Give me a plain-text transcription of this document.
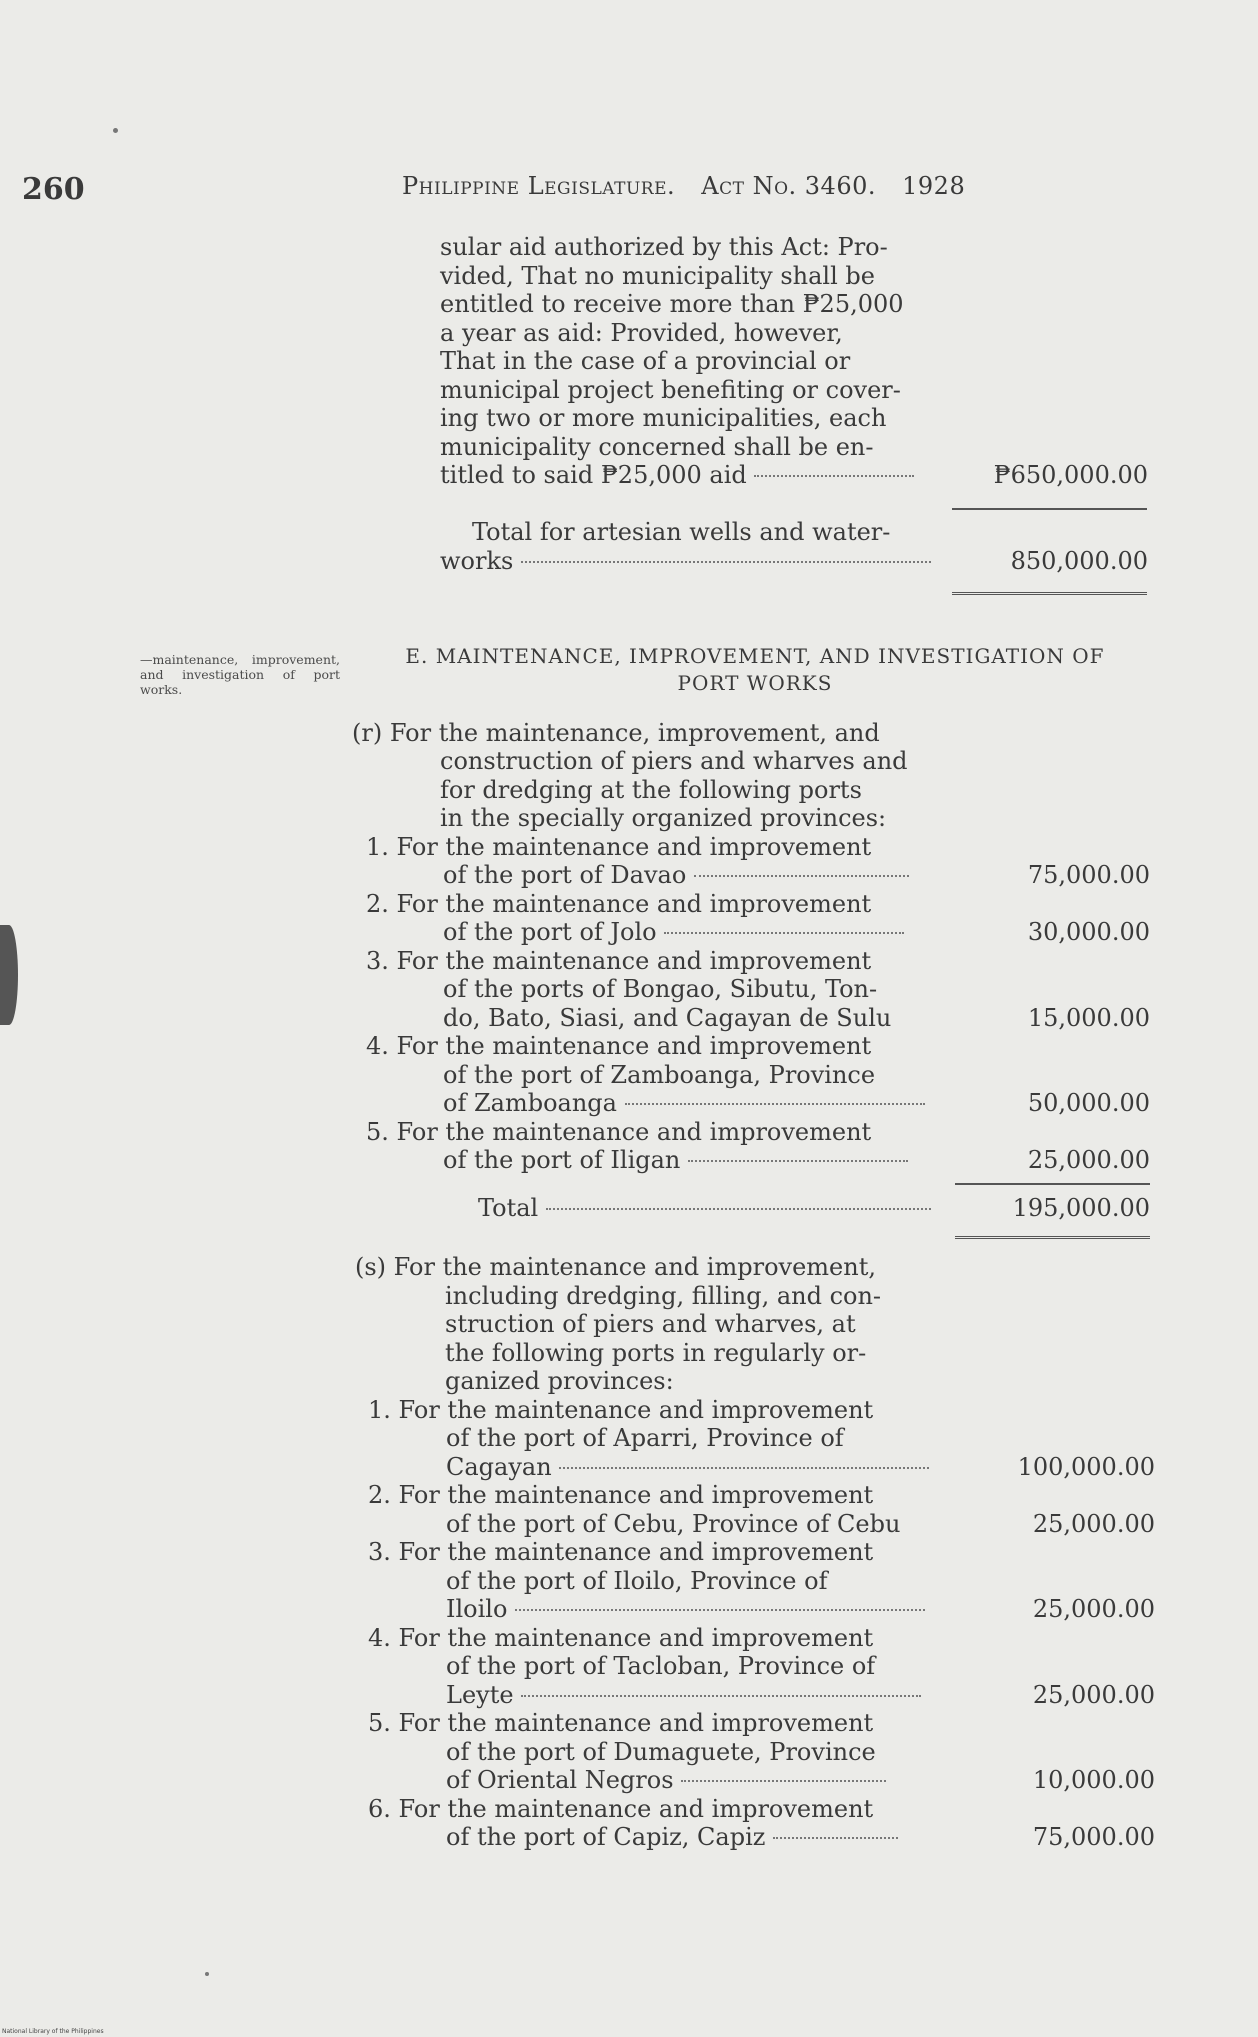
260	Philippine Legislature. Act No. 3460. 1928
sular aid authorized by this Act: Pro-
vided, That no municipality shall be
entitled to receive more than ₱25,000
a year as aid: Provided, however,
That in the case of a provincial or
municipal project benefiting or cover-
ing two or more municipalities, each
municipality concerned shall be en-
titled to said ₱25,000 aid	₱650,000.00
Total for artesian wells and water-
works	850,000.00
—maintenance, improvement, and investigation of port works.
E. MAINTENANCE, IMPROVEMENT, AND INVESTIGATION OF
PORT WORKS
(r) For the maintenance, improvement, and
construction of piers and wharves and
for dredging at the following ports
in the specially organized provinces:
1. For the maintenance and improvement
of the port of Davao	75,000.00
2. For the maintenance and improvement
of the port of Jolo	30,000.00
3. For the maintenance and improvement
of the ports of Bongao, Sibutu, Ton-
do, Bato, Siasi, and Cagayan de Sulu	15,000.00
4. For the maintenance and improvement
of the port of Zamboanga, Province
of Zamboanga	50,000.00
5. For the maintenance and improvement
of the port of Iligan	25,000.00
Total	195,000.00
(s) For the maintenance and improvement,
including dredging, filling, and con-
struction of piers and wharves, at
the following ports in regularly or-
ganized provinces:
1. For the maintenance and improvement
of the port of Aparri, Province of
Cagayan	100,000.00
2. For the maintenance and improvement
of the port of Cebu, Province of Cebu	25,000.00
3. For the maintenance and improvement
of the port of Iloilo, Province of
Iloilo	25,000.00
4. For the maintenance and improvement
of the port of Tacloban, Province of
Leyte	25,000.00
5. For the maintenance and improvement
of the port of Dumaguete, Province
of Oriental Negros	10,000.00
6. For the maintenance and improvement
of the port of Capiz, Capiz	75,000.00
National Library of the Philippines
